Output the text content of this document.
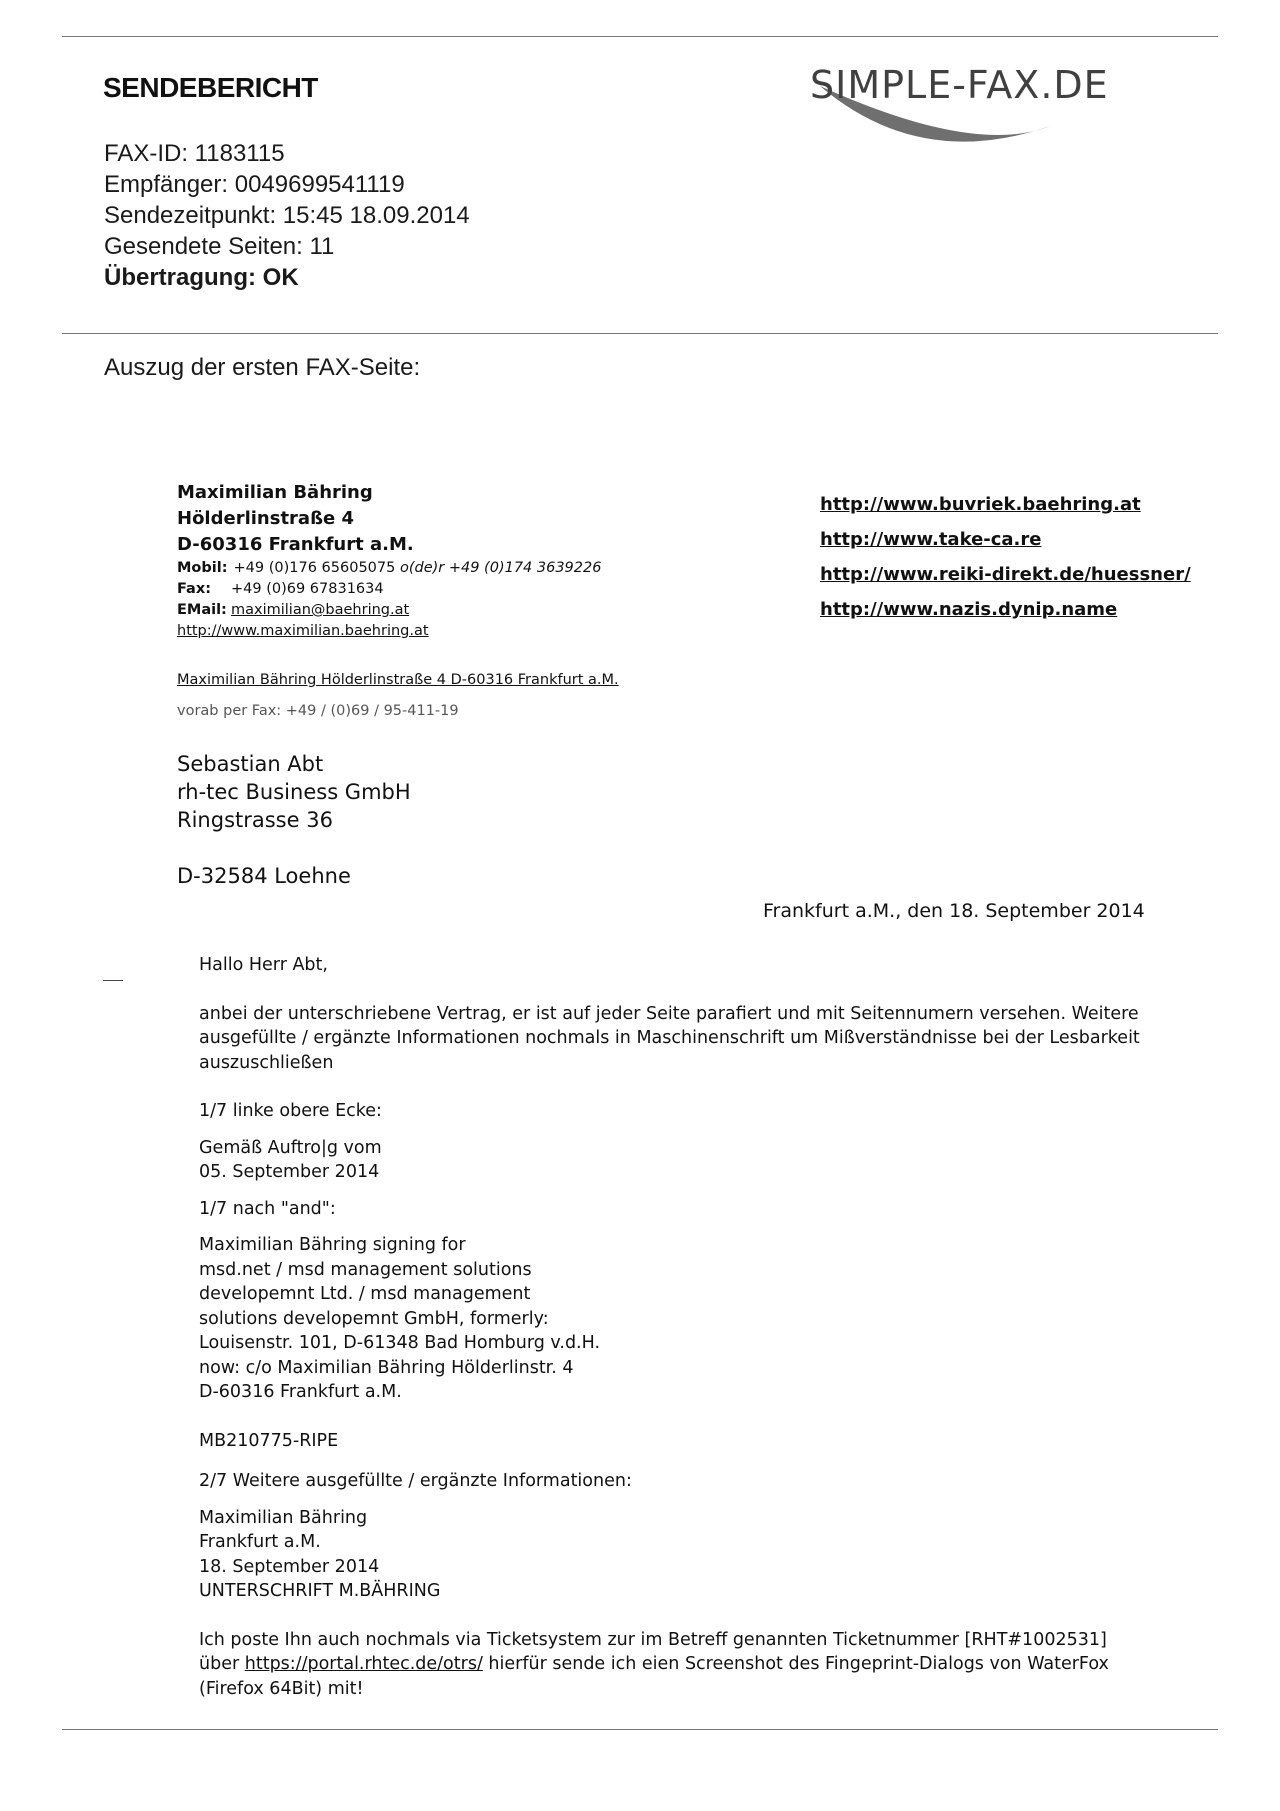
SENDEBERICHT	SIMPLE-FAX.DE
FAX-ID: 1183115
Empfänger: 0049699541119
Sendezeitpunkt: 15:45 18.09.2014
Gesendete Seiten: 11
Übertragung: OK
Auszug der ersten FAX-Seite:
Maximilian Bähring
Hölderlinstraße 4
D-60316 Frankfurt a.M.
Mobil: +49 (0)176 65605075 o(de)r +49 (0)174 3639226
Fax: +49 (0)69 67831634
EMail: maximilian@baehring.at
http://www.maximilian.baehring.at
http://www.buvriek.baehring.at
http://www.take-ca.re
http://www.reiki-direkt.de/huessner/
http://www.nazis.dynip.name
Maximilian Bähring Hölderlinstraße 4 D-60316 Frankfurt a.M.
vorab per Fax: +49 / (0)69 / 95-411-19
Sebastian Abt
rh-tec Business GmbH
Ringstrasse 36
D-32584 Loehne
Frankfurt a.M., den 18. September 2014
Hallo Herr Abt,
anbei der unterschriebene Vertrag, er ist auf jeder Seite parafiert und mit Seitennumern versehen. Weitere
ausgefüllte / ergänzte Informationen nochmals in Maschinenschrift um Mißverständnisse bei der Lesbarkeit
auszuschließen
1/7 linke obere Ecke:
Gemäß Auftro|g vom
05. September 2014
1/7 nach "and":
Maximilian Bähring signing for
msd.net / msd management solutions
developemnt Ltd. / msd management
solutions developemnt GmbH, formerly:
Louisenstr. 101, D-61348 Bad Homburg v.d.H.
now: c/o Maximilian Bähring Hölderlinstr. 4
D-60316 Frankfurt a.M.
MB210775-RIPE
2/7 Weitere ausgefüllte / ergänzte Informationen:
Maximilian Bähring
Frankfurt a.M.
18. September 2014
UNTERSCHRIFT M.BÄHRING
Ich poste Ihn auch nochmals via Ticketsystem zur im Betreff genannten Ticketnummer [RHT#1002531]
über https://portal.rhtec.de/otrs/ hierfür sende ich eien Screenshot des Fingeprint-Dialogs von WaterFox
(Firefox 64Bit) mit!
